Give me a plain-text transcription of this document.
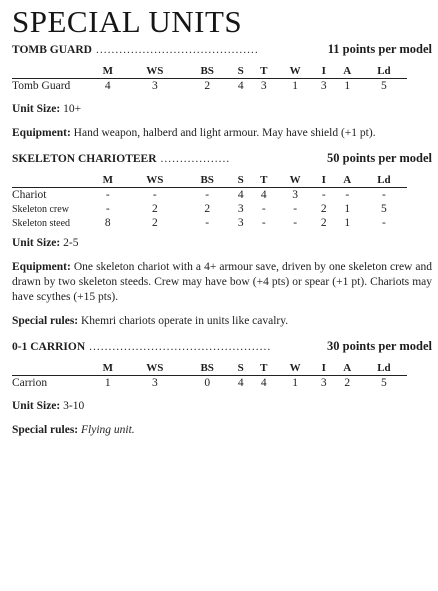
SPECIAL UNITS
TOMB GUARD ..........................................	11 points per model
	M	WS	BS	S	T	W	I	A	Ld
Tomb Guard	4	3	2	4	3	1	3	1	5

Unit Size: 10+

Equipment: Hand weapon, halberd and light armour. May have shield (+1 pt).

SKELETON CHARIOTEER ..................	50 points per model
	M	WS	BS	S	T	W	I	A	Ld
Chariot	-	-	-	4	4	3	-	-	-
Skeleton crew	-	2	2	3	-	-	2	1	5
Skeleton steed	8	2	-	3	-	-	2	1	-

Unit Size: 2-5

Equipment: One skeleton chariot with a 4+ armour save, driven by one skeleton crew and drawn by two skeleton steeds. Crew may have bow (+4 pts) or spear (+1 pt). Chariots may have scythes (+15 pts).

Special rules: Khemri chariots operate in units like cavalry.

0-1 CARRION ...............................................	30 points per model
	M	WS	BS	S	T	W	I	A	Ld
Carrion	1	3	0	4	4	1	3	2	5

Unit Size: 3-10

Special rules: Flying unit.
